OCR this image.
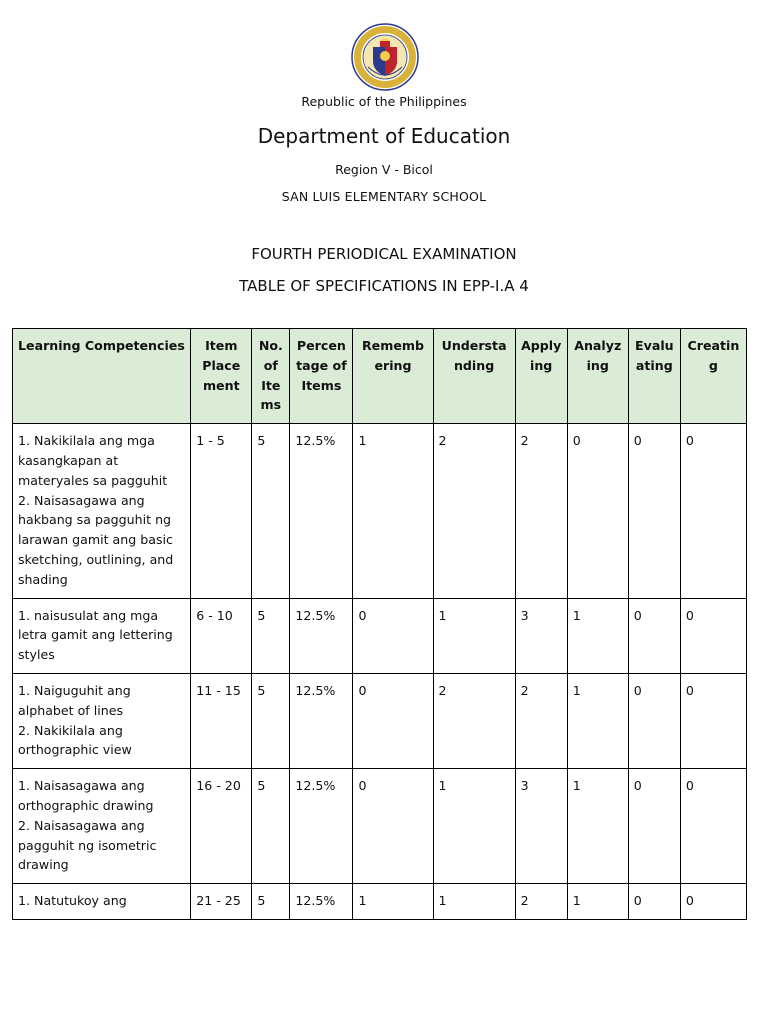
Republic of the Philippines
Department of Education
Region V - Bicol
SAN LUIS ELEMENTARY SCHOOL
FOURTH PERIODICAL EXAMINATION
TABLE OF SPECIFICATIONS IN EPP-I.A 4
Learning Competencies	Item Place ment	No. of Ite ms	Percen tage of Items	Rememb ering	Understa nding	Apply ing	Analyz ing	Evalu ating	Creatin g
1. Nakikilala ang mga kasangkapan at materyales sa pagguhit
2. Naisasagawa ang hakbang sa pagguhit ng larawan gamit ang basic sketching, outlining, and shading	1 - 5	5	12.5%	1	2	2	0	0	0
1. naisusulat ang mga letra gamit ang lettering styles	6 - 10	5	12.5%	0	1	3	1	0	0
1. Naiguguhit ang alphabet of lines
2. Nakikilala ang orthographic view	11 - 15	5	12.5%	0	2	2	1	0	0
1. Naisasagawa ang orthographic drawing
2. Naisasagawa ang pagguhit ng isometric drawing	16 - 20	5	12.5%	0	1	3	1	0	0
1. Natutukoy ang	21 - 25	5	12.5%	1	1	2	1	0	0
